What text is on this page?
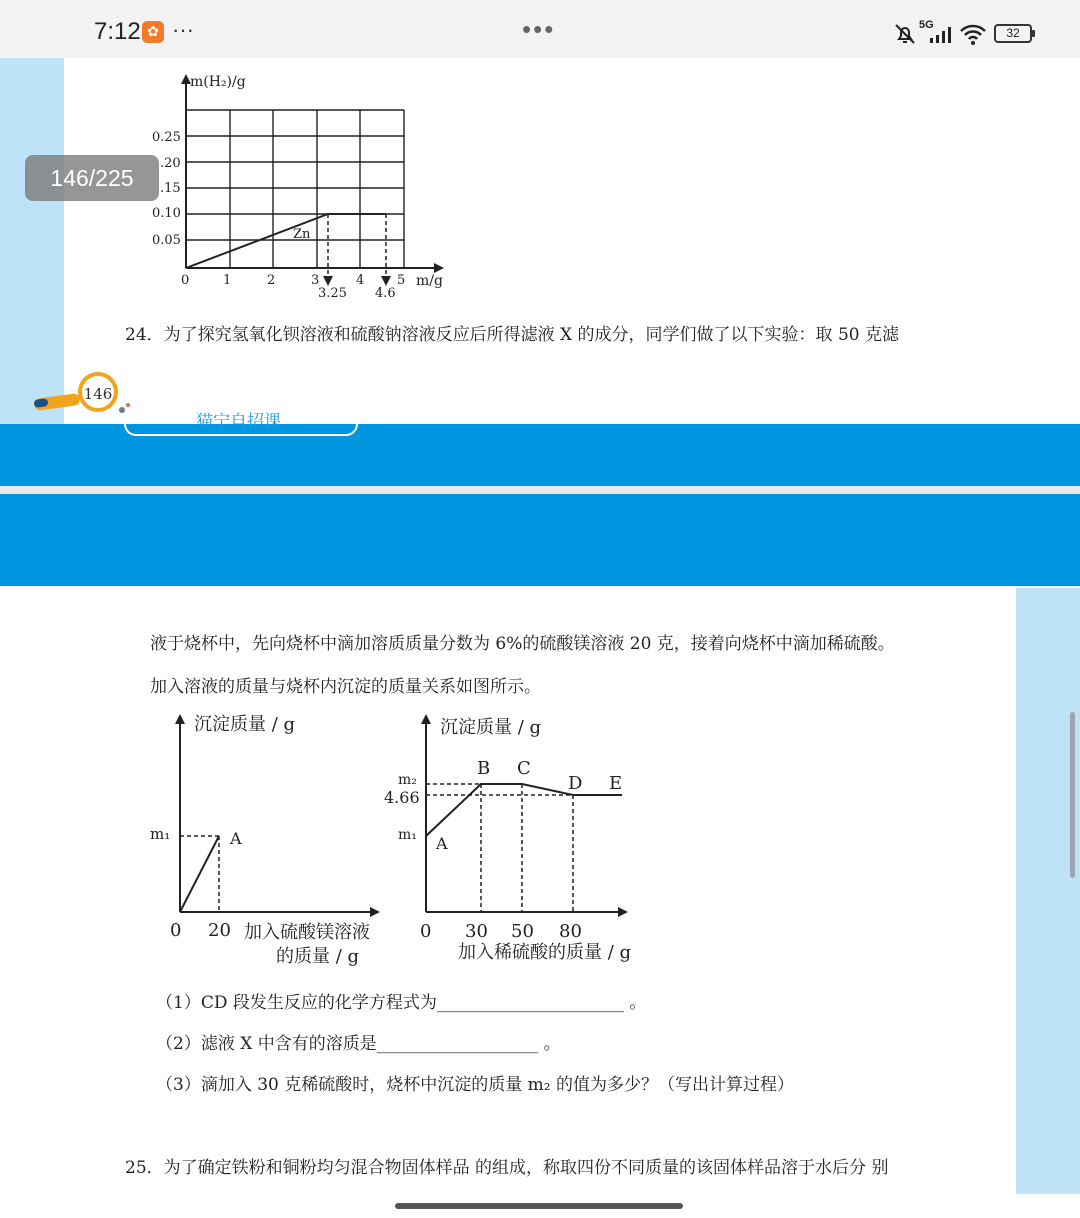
7:12 ✿ ···	•••	5G
32
m(H₂)/g
m/g
0.05
0.10
.15
.20
0.25
0	1	2	3	4	5
3.25 4.6
Zn
146/225
24．为了探究氢氧化钡溶液和硫酸钠溶液反应后所得滤液 X 的成分，同学们做了以下实验：取 50 克滤
146
猫宁自招课
液于烧杯中，先向烧杯中滴加溶质质量分数为 6%的硫酸镁溶液 20 克，接着向烧杯中滴加稀硫酸。
加入溶液的质量与烧杯内沉淀的质量关系如图所示。
沉淀质量 / g
m₁	A
0 20 加入硫酸镁溶液
的质量 / g
沉淀质量 / g
m₂
4.66
m₁ A
B C
D E
0 30 50 80
加入稀硫酸的质量 / g
（1）CD 段发生反应的化学方程式为______________________ 。
（2）滤液 X 中含有的溶质是___________________ 。
（3）滴加入 30 克稀硫酸时，烧杯中沉淀的质量 m₂ 的值为多少？（写出计算过程）
25．为了确定铁粉和铜粉均匀混合物固体样品 的组成，称取四份不同质量的该固体样品溶于水后分 别
